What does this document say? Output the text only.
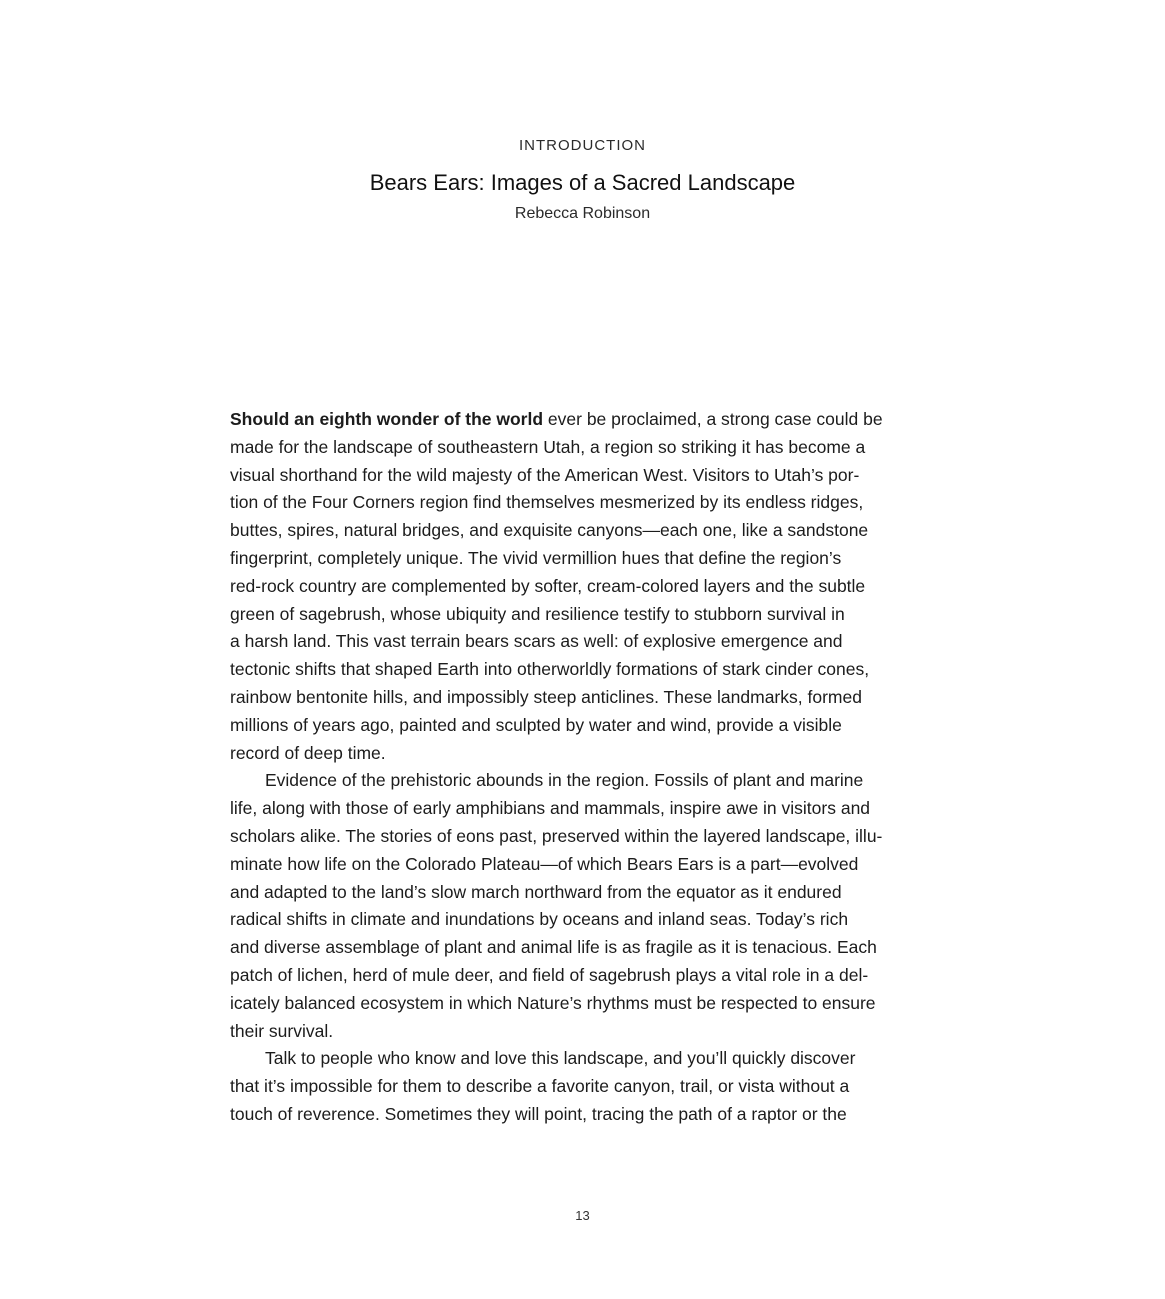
INTRODUCTION
Bears Ears: Images of a Sacred Landscape
Rebecca Robinson
Should an eighth wonder of the world ever be proclaimed, a strong case could be
made for the landscape of southeastern Utah, a region so striking it has become a
visual shorthand for the wild majesty of the American West. Visitors to Utah’s por-
tion of the Four Corners region find themselves mesmerized by its endless ridges,
buttes, spires, natural bridges, and exquisite canyons—each one, like a sandstone
fingerprint, completely unique. The vivid vermillion hues that define the region’s
red-rock country are complemented by softer, cream-colored layers and the subtle
green of sagebrush, whose ubiquity and resilience testify to stubborn survival in
a harsh land. This vast terrain bears scars as well: of explosive emergence and
tectonic shifts that shaped Earth into otherworldly formations of stark cinder cones,
rainbow bentonite hills, and impossibly steep anticlines. These landmarks, formed
millions of years ago, painted and sculpted by water and wind, provide a visible
record of deep time.
Evidence of the prehistoric abounds in the region. Fossils of plant and marine
life, along with those of early amphibians and mammals, inspire awe in visitors and
scholars alike. The stories of eons past, preserved within the layered landscape, illu-
minate how life on the Colorado Plateau—of which Bears Ears is a part—evolved
and adapted to the land’s slow march northward from the equator as it endured
radical shifts in climate and inundations by oceans and inland seas. Today’s rich
and diverse assemblage of plant and animal life is as fragile as it is tenacious. Each
patch of lichen, herd of mule deer, and field of sagebrush plays a vital role in a del-
icately balanced ecosystem in which Nature’s rhythms must be respected to ensure
their survival.
Talk to people who know and love this landscape, and you’ll quickly discover
that it’s impossible for them to describe a favorite canyon, trail, or vista without a
touch of reverence. Sometimes they will point, tracing the path of a raptor or the
13
